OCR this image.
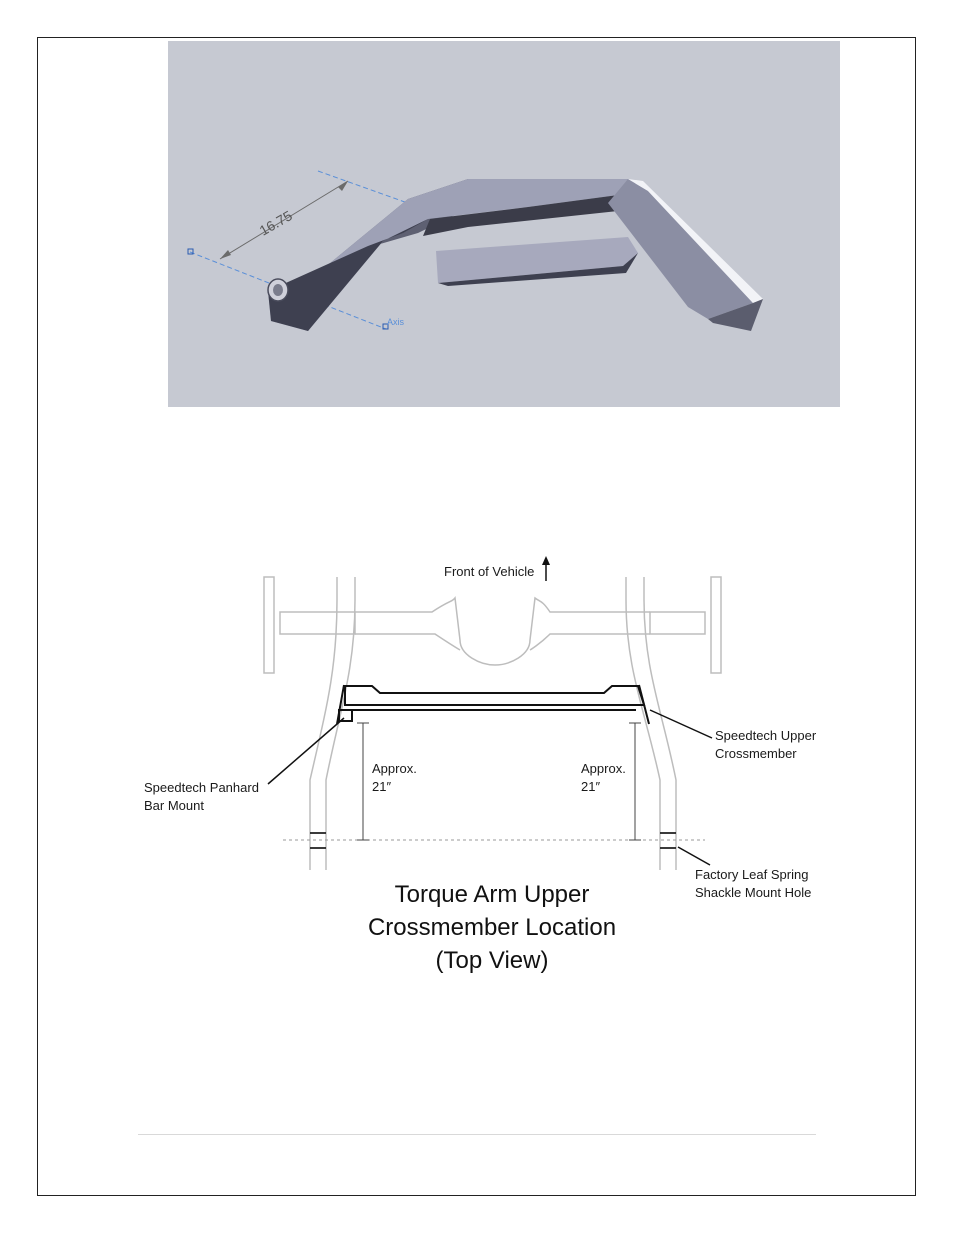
16.75
Axis
Front of Vehicle
Speedtech Upper
Crossmember
Speedtech Panhard
Bar Mount
Approx.
21″
Approx.
21″
Factory Leaf Spring
Shackle Mount Hole
Torque Arm Upper
Crossmember Location
(Top View)
